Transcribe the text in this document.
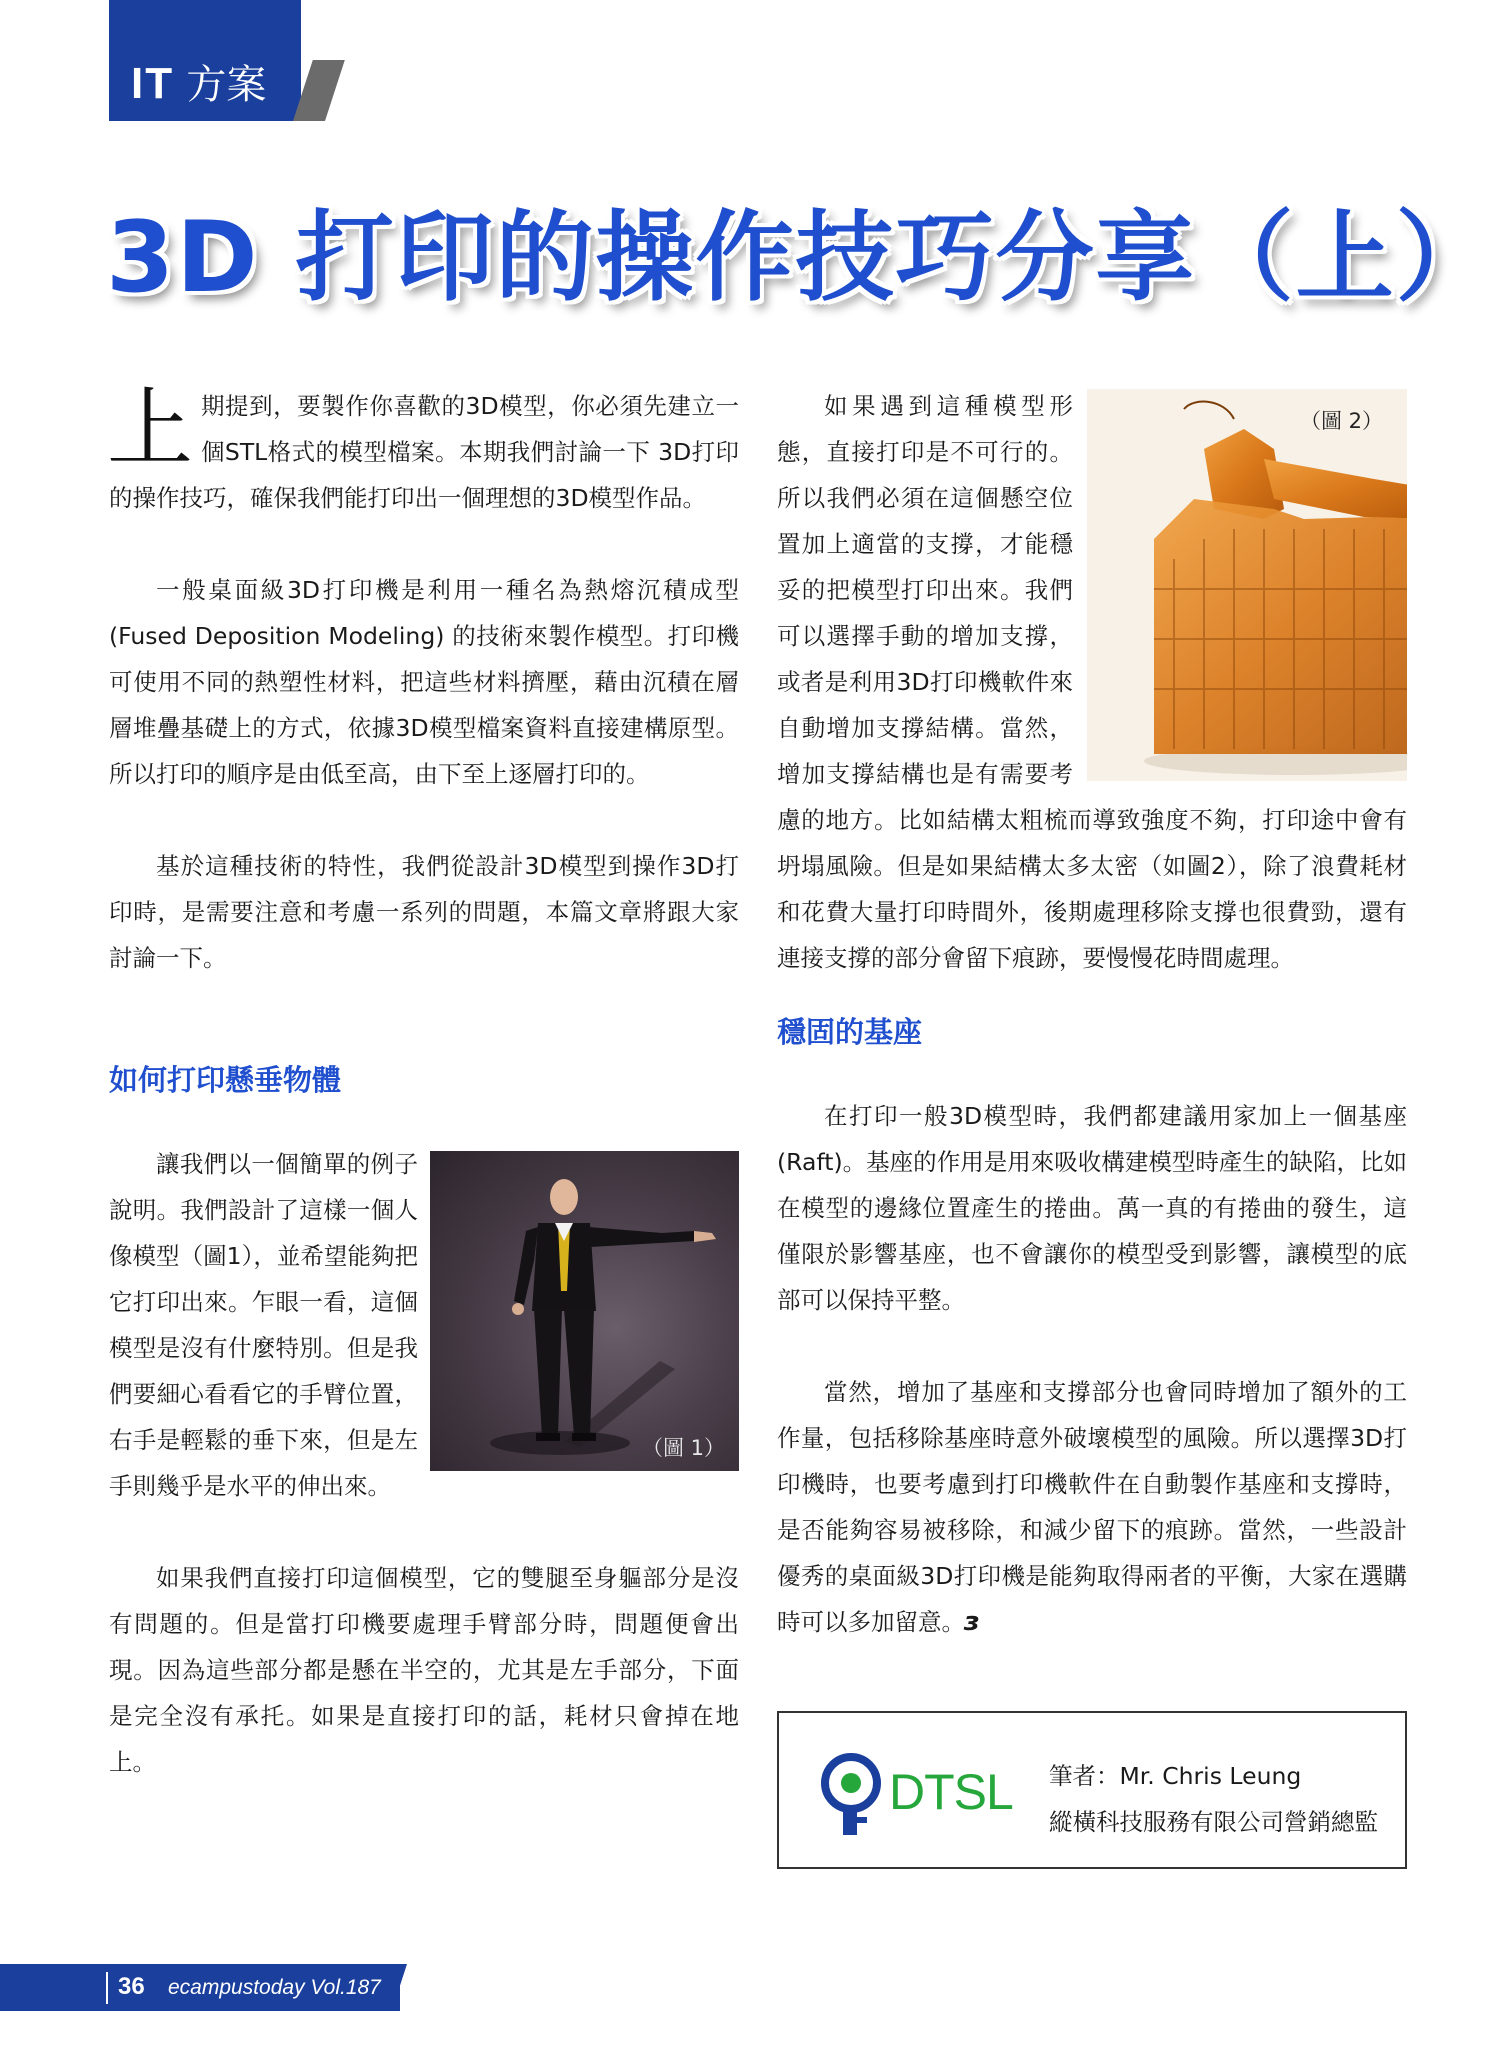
IT 方案
3D 打印的操作技巧分享（上）

上期提到，要製作你喜歡的3D模型，你必須先建立一個STL格式的模型檔案。本期我們討論一下 3D打印的操作技巧，確保我們能打印出一個理想的3D模型作品。

一般桌面級3D打印機是利用一種名為熱熔沉積成型(Fused Deposition Modeling) 的技術來製作模型。打印機可使用不同的熱塑性材料，把這些材料擠壓，藉由沉積在層層堆疊基礎上的方式，依據3D模型檔案資料直接建構原型。所以打印的順序是由低至高，由下至上逐層打印的。

基於這種技術的特性，我們從設計3D模型到操作3D打印時，是需要注意和考慮一系列的問題，本篇文章將跟大家討論一下。

如何打印懸垂物體

（圖 1）

讓我們以一個簡單的例子說明。我們設計了這樣一個人像模型（圖1），並希望能夠把它打印出來。乍眼一看，這個模型是沒有什麼特別。但是我們要細心看看它的手臂位置，右手是輕鬆的垂下來，但是左手則幾乎是水平的伸出來。

如果我們直接打印這個模型，它的雙腿至身軀部分是沒有問題的。但是當打印機要處理手臂部分時，問題便會出現。因為這些部分都是懸在半空的，尤其是左手部分，下面是完全沒有承托。如果是直接打印的話，耗材只會掉在地上。

（圖 2）
如果遇到這種模型形態，直接打印是不可行的。所以我們必須在這個懸空位置加上適當的支撐，才能穩妥的把模型打印出來。我們可以選擇手動的增加支撐，或者是利用3D打印機軟件來自動增加支撐結構。當然，增加支撐結構也是有需要考慮的地方。比如結構太粗梳而導致強度不夠，打印途中會有坍塌風險。但是如果結構太多太密（如圖2），除了浪費耗材和花費大量打印時間外，後期處理移除支撐也很費勁，還有連接支撐的部分會留下痕跡，要慢慢花時間處理。

穩固的基座

在打印一般3D模型時，我們都建議用家加上一個基座(Raft)。基座的作用是用來吸收構建模型時產生的缺陷，比如在模型的邊緣位置產生的捲曲。萬一真的有捲曲的發生，這僅限於影響基座，也不會讓你的模型受到影響，讓模型的底部可以保持平整。

當然，增加了基座和支撐部分也會同時增加了額外的工作量，包括移除基座時意外破壞模型的風險。所以選擇3D打印機時，也要考慮到打印機軟件在自動製作基座和支撐時，是否能夠容易被移除，和減少留下的痕跡。當然，一些設計優秀的桌面級3D打印機是能夠取得兩者的平衡，大家在選購時可以多加留意。ɜ

DTSL 筆者：Mr. Chris Leung
縱橫科技服務有限公司營銷總監
36 ecampustoday Vol.187
